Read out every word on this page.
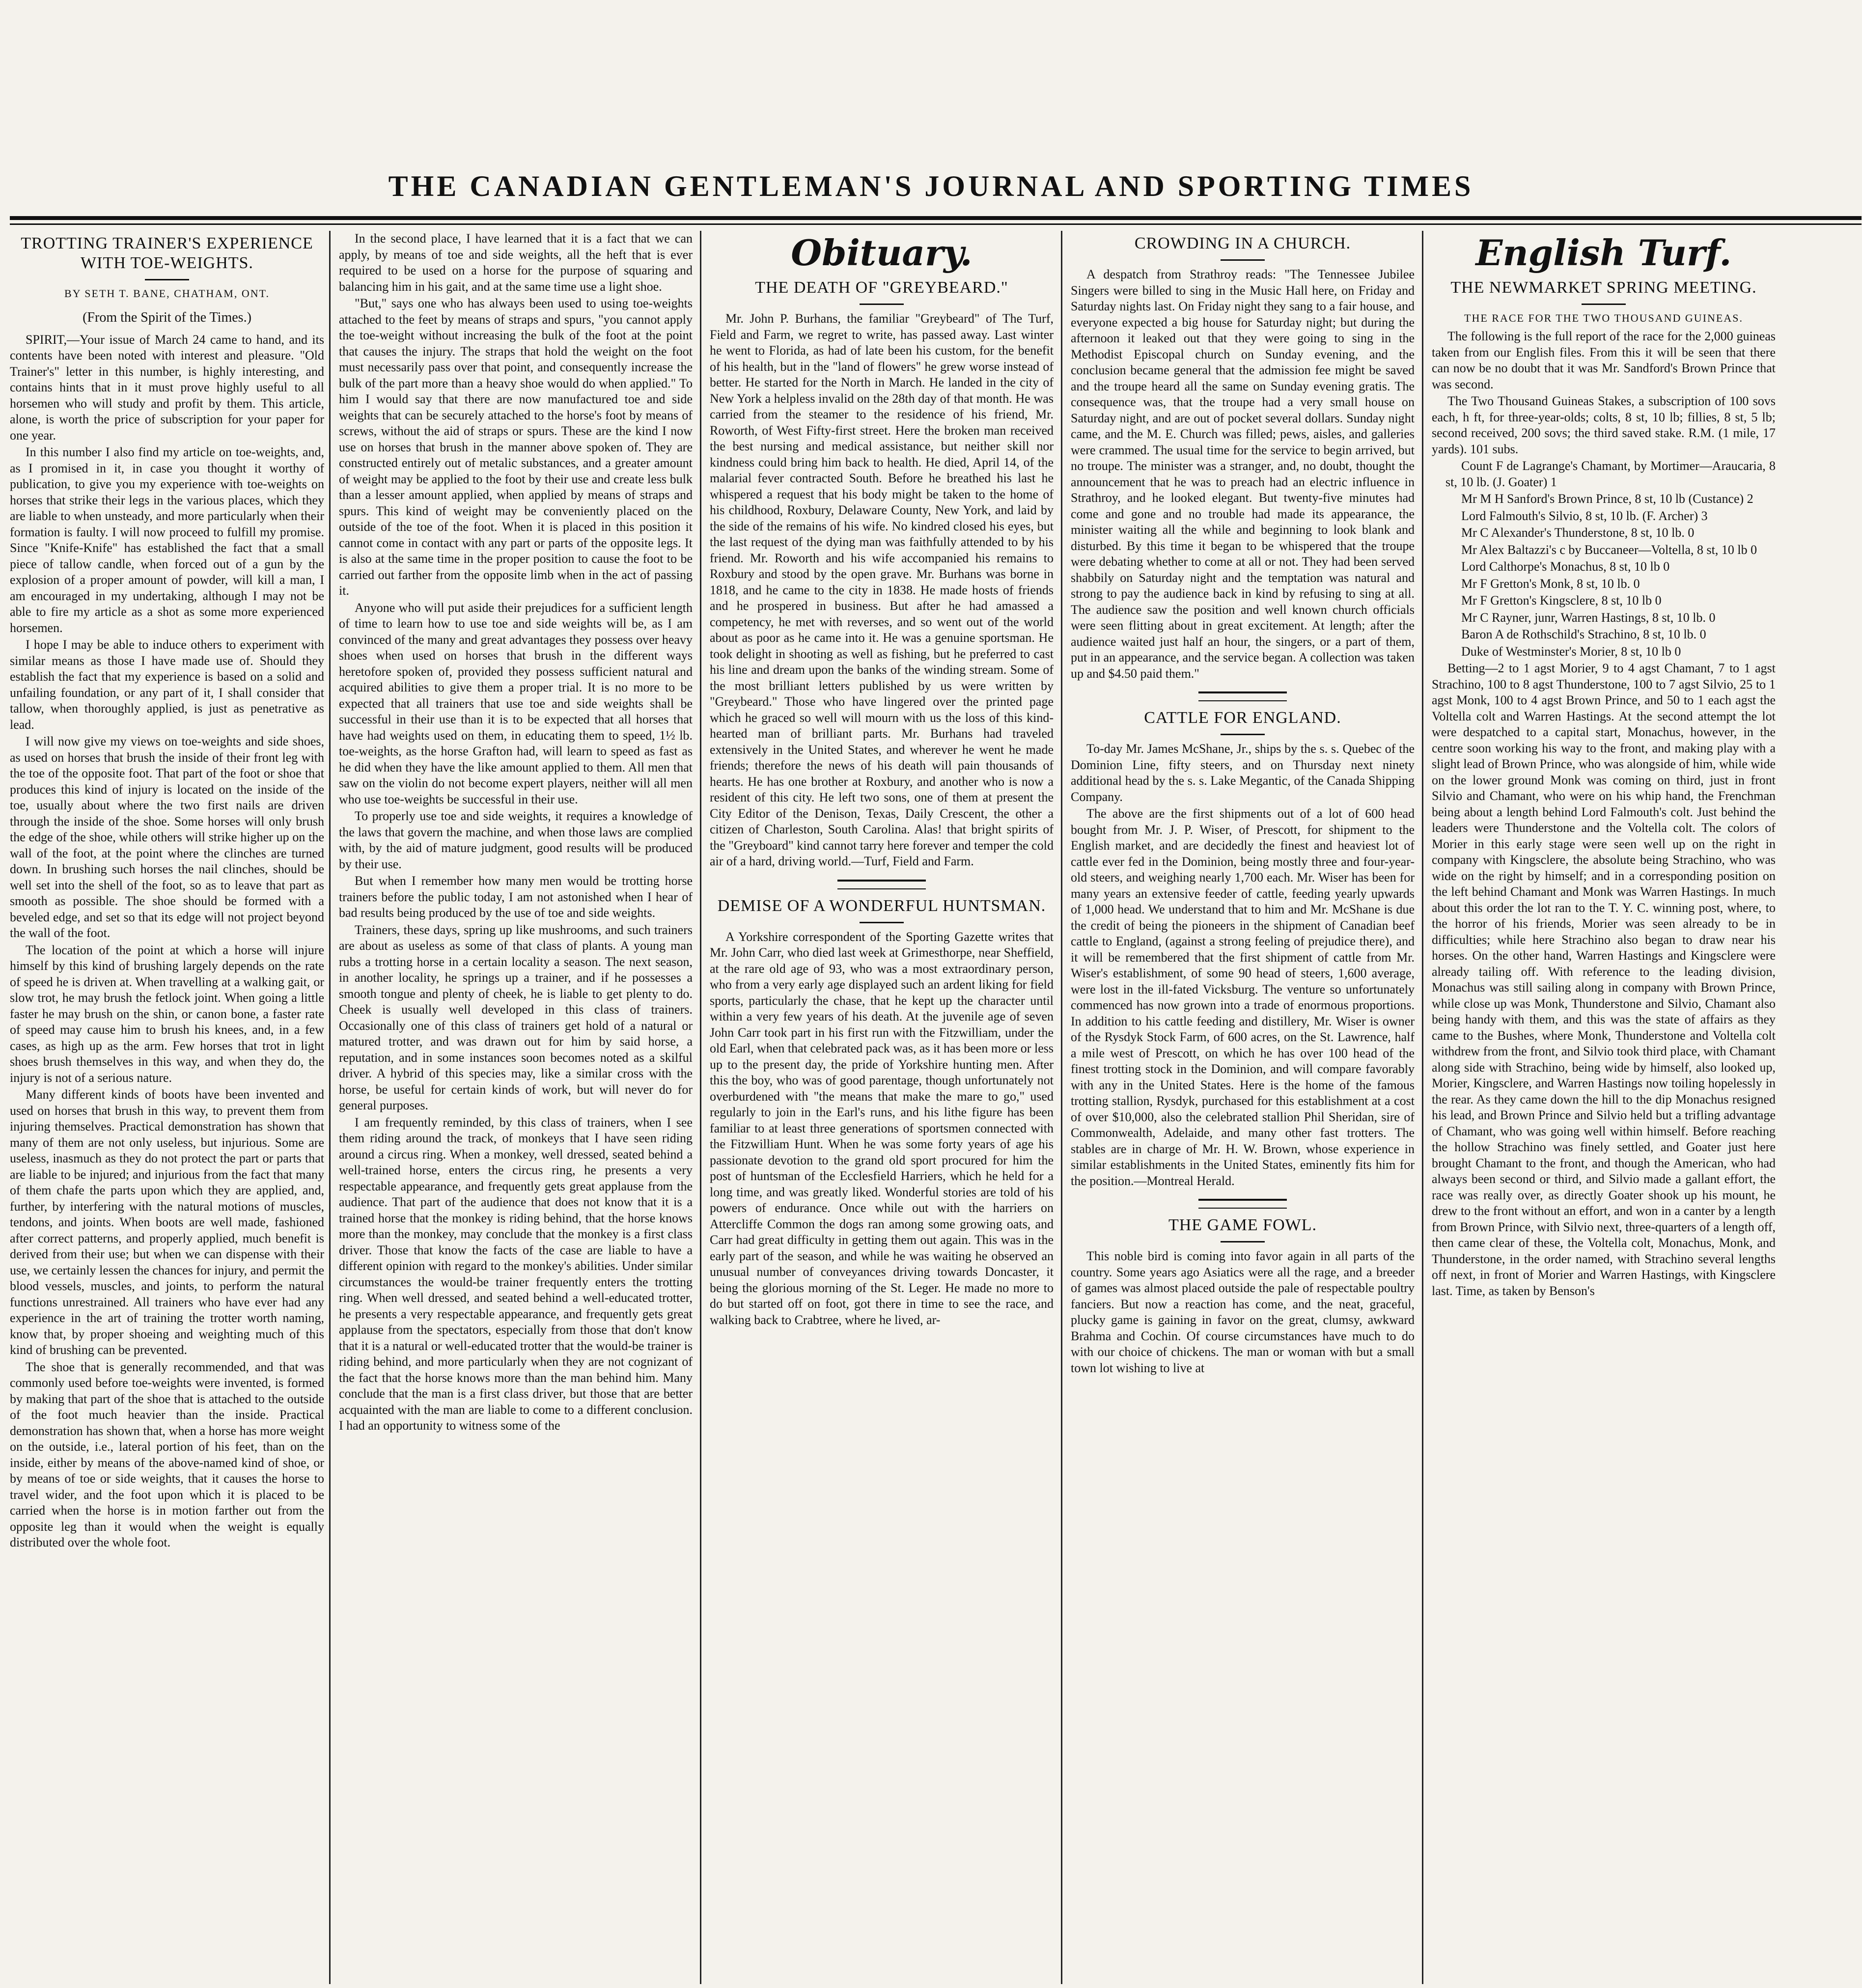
THE CANADIAN GENTLEMAN'S JOURNAL AND SPORTING TIMES
TROTTING TRAINER'S EXPERIENCE WITH TOE-WEIGHTS.
BY SETH T. BANE, CHATHAM, ONT.
(From the Spirit of the Times.)

SPIRIT,—Your issue of March 24 came to hand, and its contents have been noted with interest and pleasure. "Old Trainer's" letter in this number, is highly interesting, and contains hints that in it must prove highly useful to all horsemen who will study and profit by them. This article, alone, is worth the price of subscription for your paper for one year.

In this number I also find my article on toe-weights, and, as I promised in it, in case you thought it worthy of publication, to give you my experience with toe-weights on horses that strike their legs in the various places, which they are liable to when unsteady, and more particularly when their formation is faulty. I will now proceed to fulfill my promise. Since "Knife-Knife" has established the fact that a small piece of tallow candle, when forced out of a gun by the explosion of a proper amount of powder, will kill a man, I am encouraged in my undertaking, although I may not be able to fire my article as a shot as some more experienced horsemen.

I hope I may be able to induce others to experiment with similar means as those I have made use of. Should they establish the fact that my experience is based on a solid and unfailing foundation, or any part of it, I shall consider that tallow, when thoroughly applied, is just as penetrative as lead.

I will now give my views on toe-weights and side shoes, as used on horses that brush the inside of their front leg with the toe of the opposite foot. That part of the foot or shoe that produces this kind of injury is located on the inside of the toe, usually about where the two first nails are driven through the inside of the shoe. Some horses will only brush the edge of the shoe, while others will strike higher up on the wall of the foot, at the point where the clinches are turned down. In brushing such horses the nail clinches, should be well set into the shell of the foot, so as to leave that part as smooth as possible. The shoe should be formed with a beveled edge, and set so that its edge will not project beyond the wall of the foot.

The location of the point at which a horse will injure himself by this kind of brushing largely depends on the rate of speed he is driven at. When travelling at a walking gait, or slow trot, he may brush the fetlock joint. When going a little faster he may brush on the shin, or canon bone, a faster rate of speed may cause him to brush his knees, and, in a few cases, as high up as the arm. Few horses that trot in light shoes brush themselves in this way, and when they do, the injury is not of a serious nature.

Many different kinds of boots have been invented and used on horses that brush in this way, to prevent them from injuring themselves. Practical demonstration has shown that many of them are not only useless, but injurious. Some are useless, inasmuch as they do not protect the part or parts that are liable to be injured; and injurious from the fact that many of them chafe the parts upon which they are applied, and, further, by interfering with the natural motions of muscles, tendons, and joints. When boots are well made, fashioned after correct patterns, and properly applied, much benefit is derived from their use; but when we can dispense with their use, we certainly lessen the chances for injury, and permit the blood vessels, muscles, and joints, to perform the natural functions unrestrained. All trainers who have ever had any experience in the art of training the trotter worth naming, know that, by proper shoeing and weighting much of this kind of brushing can be prevented.

The shoe that is generally recommended, and that was commonly used before toe-weights were invented, is formed by making that part of the shoe that is attached to the outside of the foot much heavier than the inside. Practical demonstration has shown that, when a horse has more weight on the outside, i.e., lateral portion of his feet, than on the inside, either by means of the above-named kind of shoe, or by means of toe or side weights, that it causes the horse to travel wider, and the foot upon which it is placed to be carried when the horse is in motion farther out from the opposite leg than it would when the weight is equally distributed over the whole foot.

In the second place, I have learned that it is a fact that we can apply, by means of toe and side weights, all the heft that is ever required to be used on a horse for the purpose of squaring and balancing him in his gait, and at the same time use a light shoe.

"But," says one who has always been used to using toe-weights attached to the feet by means of straps and spurs, "you cannot apply the toe-weight without increasing the bulk of the foot at the point that causes the injury. The straps that hold the weight on the foot must necessarily pass over that point, and consequently increase the bulk of the part more than a heavy shoe would do when applied." To him I would say that there are now manufactured toe and side weights that can be securely attached to the horse's foot by means of screws, without the aid of straps or spurs. These are the kind I now use on horses that brush in the manner above spoken of. They are constructed entirely out of metalic substances, and a greater amount of weight may be applied to the foot by their use and create less bulk than a lesser amount applied, when applied by means of straps and spurs. This kind of weight may be conveniently placed on the outside of the toe of the foot. When it is placed in this position it cannot come in contact with any part or parts of the opposite legs. It is also at the same time in the proper position to cause the foot to be carried out farther from the opposite limb when in the act of passing it.

Anyone who will put aside their prejudices for a sufficient length of time to learn how to use toe and side weights will be, as I am convinced of the many and great advantages they possess over heavy shoes when used on horses that brush in the different ways heretofore spoken of, provided they possess sufficient natural and acquired abilities to give them a proper trial. It is no more to be expected that all trainers that use toe and side weights shall be successful in their use than it is to be expected that all horses that have had weights used on them, in educating them to speed, 1½ lb. toe-weights, as the horse Grafton had, will learn to speed as fast as he did when they have the like amount applied to them. All men that saw on the violin do not become expert players, neither will all men who use toe-weights be successful in their use.

To properly use toe and side weights, it requires a knowledge of the laws that govern the machine, and when those laws are complied with, by the aid of mature judgment, good results will be produced by their use.

But when I remember how many men would be trotting horse trainers before the public today, I am not astonished when I hear of bad results being produced by the use of toe and side weights.

Trainers, these days, spring up like mushrooms, and such trainers are about as useless as some of that class of plants. A young man rubs a trotting horse in a certain locality a season. The next season, in another locality, he springs up a trainer, and if he possesses a smooth tongue and plenty of cheek, he is liable to get plenty to do. Cheek is usually well developed in this class of trainers. Occasionally one of this class of trainers get hold of a natural or matured trotter, and was drawn out for him by said horse, a reputation, and in some instances soon becomes noted as a skilful driver. A hybrid of this species may, like a similar cross with the horse, be useful for certain kinds of work, but will never do for general purposes.

I am frequently reminded, by this class of trainers, when I see them riding around the track, of monkeys that I have seen riding around a circus ring. When a monkey, well dressed, seated behind a well-trained horse, enters the circus ring, he presents a very respectable appearance, and frequently gets great applause from the audience. That part of the audience that does not know that it is a trained horse that the monkey is riding behind, that the horse knows more than the monkey, may conclude that the monkey is a first class driver. Those that know the facts of the case are liable to have a different opinion with regard to the monkey's abilities. Under similar circumstances the would-be trainer frequently enters the trotting ring. When well dressed, and seated behind a well-educated trotter, he presents a very respectable appearance, and frequently gets great applause from the spectators, especially from those that don't know that it is a natural or well-educated trotter that the would-be trainer is riding behind, and more particularly when they are not cognizant of the fact that the horse knows more than the man behind him. Many conclude that the man is a first class driver, but those that are better acquainted with the man are liable to come to a different conclusion. I had an opportunity to witness some of the

Obituary.
THE DEATH OF "GREYBEARD."

Mr. John P. Burhans, the familiar "Greybeard" of The Turf, Field and Farm, we regret to write, has passed away. Last winter he went to Florida, as had of late been his custom, for the benefit of his health, but in the "land of flowers" he grew worse instead of better. He started for the North in March. He landed in the city of New York a helpless invalid on the 28th day of that month. He was carried from the steamer to the residence of his friend, Mr. Roworth, of West Fifty-first street. Here the broken man received the best nursing and medical assistance, but neither skill nor kindness could bring him back to health. He died, April 14, of the malarial fever contracted South. Before he breathed his last he whispered a request that his body might be taken to the home of his childhood, Roxbury, Delaware County, New York, and laid by the side of the remains of his wife. No kindred closed his eyes, but the last request of the dying man was faithfully attended to by his friend. Mr. Roworth and his wife accompanied his remains to Roxbury and stood by the open grave. Mr. Burhans was borne in 1818, and he came to the city in 1838. He made hosts of friends and he prospered in business. But after he had amassed a competency, he met with reverses, and so went out of the world about as poor as he came into it. He was a genuine sportsman. He took delight in shooting as well as fishing, but he preferred to cast his line and dream upon the banks of the winding stream. Some of the most brilliant letters published by us were written by "Greybeard." Those who have lingered over the printed page which he graced so well will mourn with us the loss of this kind-hearted man of brilliant parts. Mr. Burhans had traveled extensively in the United States, and wherever he went he made friends; therefore the news of his death will pain thousands of hearts. He has one brother at Roxbury, and another who is now a resident of this city. He left two sons, one of them at present the City Editor of the Denison, Texas, Daily Crescent, the other a citizen of Charleston, South Carolina. Alas! that bright spirits of the "Greyboard" kind cannot tarry here forever and temper the cold air of a hard, driving world.—Turf, Field and Farm.

DEMISE OF A WONDERFUL HUNTSMAN.

A Yorkshire correspondent of the Sporting Gazette writes that Mr. John Carr, who died last week at Grimesthorpe, near Sheffield, at the rare old age of 93, who was a most extraordinary person, who from a very early age displayed such an ardent liking for field sports, particularly the chase, that he kept up the character until within a very few years of his death. At the juvenile age of seven John Carr took part in his first run with the Fitzwilliam, under the old Earl, when that celebrated pack was, as it has been more or less up to the present day, the pride of Yorkshire hunting men. After this the boy, who was of good parentage, though unfortunately not overburdened with "the means that make the mare to go," used regularly to join in the Earl's runs, and his lithe figure has been familiar to at least three generations of sportsmen connected with the Fitzwilliam Hunt. When he was some forty years of age his passionate devotion to the grand old sport procured for him the post of huntsman of the Ecclesfield Harriers, which he held for a long time, and was greatly liked. Wonderful stories are told of his powers of endurance. Once while out with the harriers on Attercliffe Common the dogs ran among some growing oats, and Carr had great difficulty in getting them out again. This was in the early part of the season, and while he was waiting he observed an unusual number of conveyances driving towards Doncaster, it being the glorious morning of the St. Leger. He made no more to do but started off on foot, got there in time to see the race, and walking back to Crabtree, where he lived, ar-

CROWDING IN A CHURCH.

A despatch from Strathroy reads: "The Tennessee Jubilee Singers were billed to sing in the Music Hall here, on Friday and Saturday nights last. On Friday night they sang to a fair house, and everyone expected a big house for Saturday night; but during the afternoon it leaked out that they were going to sing in the Methodist Episcopal church on Sunday evening, and the conclusion became general that the admission fee might be saved and the troupe heard all the same on Sunday evening gratis. The consequence was, that the troupe had a very small house on Saturday night, and are out of pocket several dollars. Sunday night came, and the M. E. Church was filled; pews, aisles, and galleries were crammed. The usual time for the service to begin arrived, but no troupe. The minister was a stranger, and, no doubt, thought the announcement that he was to preach had an electric influence in Strathroy, and he looked elegant. But twenty-five minutes had come and gone and no trouble had made its appearance, the minister waiting all the while and beginning to look blank and disturbed. By this time it began to be whispered that the troupe were debating whether to come at all or not. They had been served shabbily on Saturday night and the temptation was natural and strong to pay the audience back in kind by refusing to sing at all. The audience saw the position and well known church officials were seen flitting about in great excitement. At length; after the audience waited just half an hour, the singers, or a part of them, put in an appearance, and the service began. A collection was taken up and $4.50 paid them."

CATTLE FOR ENGLAND.

To-day Mr. James McShane, Jr., ships by the s. s. Quebec of the Dominion Line, fifty steers, and on Thursday next ninety additional head by the s. s. Lake Megantic, of the Canada Shipping Company.

The above are the first shipments out of a lot of 600 head bought from Mr. J. P. Wiser, of Prescott, for shipment to the English market, and are decidedly the finest and heaviest lot of cattle ever fed in the Dominion, being mostly three and four-year-old steers, and weighing nearly 1,700 each. Mr. Wiser has been for many years an extensive feeder of cattle, feeding yearly upwards of 1,000 head. We understand that to him and Mr. McShane is due the credit of being the pioneers in the shipment of Canadian beef cattle to England, (against a strong feeling of prejudice there), and it will be remembered that the first shipment of cattle from Mr. Wiser's establishment, of some 90 head of steers, 1,600 average, were lost in the ill-fated Vicksburg. The venture so unfortunately commenced has now grown into a trade of enormous proportions. In addition to his cattle feeding and distillery, Mr. Wiser is owner of the Rysdyk Stock Farm, of 600 acres, on the St. Lawrence, half a mile west of Prescott, on which he has over 100 head of the finest trotting stock in the Dominion, and will compare favorably with any in the United States. Here is the home of the famous trotting stallion, Rysdyk, purchased for this establishment at a cost of over $10,000, also the celebrated stallion Phil Sheridan, sire of Commonwealth, Adelaide, and many other fast trotters. The stables are in charge of Mr. H. W. Brown, whose experience in similar establishments in the United States, eminently fits him for the position.—Montreal Herald.

THE GAME FOWL.

This noble bird is coming into favor again in all parts of the country. Some years ago Asiatics were all the rage, and a breeder of games was almost placed outside the pale of respectable poultry fanciers. But now a reaction has come, and the neat, graceful, plucky game is gaining in favor on the great, clumsy, awkward Brahma and Cochin. Of course circumstances have much to do with our choice of chickens. The man or woman with but a small town lot wishing to live at

English Turf.
THE NEWMARKET SPRING MEETING.
THE RACE FOR THE TWO THOUSAND GUINEAS.

The following is the full report of the race for the 2,000 guineas taken from our English files. From this it will be seen that there can now be no doubt that it was Mr. Sandford's Brown Prince that was second.

The Two Thousand Guineas Stakes, a subscription of 100 sovs each, h ft, for three-year-olds; colts, 8 st, 10 lb; fillies, 8 st, 5 lb; second received, 200 sovs; the third saved stake. R.M. (1 mile, 17 yards). 101 subs.

Count F de Lagrange's Chamant, by Mortimer—Araucaria, 8 st, 10 lb. (J. Goater) 1

Mr M H Sanford's Brown Prince, 8 st, 10 lb (Custance) 2

Lord Falmouth's Silvio, 8 st, 10 lb. (F. Archer) 3

Mr C Alexander's Thunderstone, 8 st, 10 lb. 0

Mr Alex Baltazzi's c by Buccaneer—Voltella, 8 st, 10 lb 0

Lord Calthorpe's Monachus, 8 st, 10 lb 0

Mr F Gretton's Monk, 8 st, 10 lb. 0

Mr F Gretton's Kingsclere, 8 st, 10 lb 0

Mr C Rayner, junr, Warren Hastings, 8 st, 10 lb. 0

Baron A de Rothschild's Strachino, 8 st, 10 lb. 0

Duke of Westminster's Morier, 8 st, 10 lb 0

Betting—2 to 1 agst Morier, 9 to 4 agst Chamant, 7 to 1 agst Strachino, 100 to 8 agst Thunderstone, 100 to 7 agst Silvio, 25 to 1 agst Monk, 100 to 4 agst Brown Prince, and 50 to 1 each agst the Voltella colt and Warren Hastings. At the second attempt the lot were despatched to a capital start, Monachus, however, in the centre soon working his way to the front, and making play with a slight lead of Brown Prince, who was alongside of him, while wide on the lower ground Monk was coming on third, just in front Silvio and Chamant, who were on his whip hand, the Frenchman being about a length behind Lord Falmouth's colt. Just behind the leaders were Thunderstone and the Voltella colt. The colors of Morier in this early stage were seen well up on the right in company with Kingsclere, the absolute being Strachino, who was wide on the right by himself; and in a corresponding position on the left behind Chamant and Monk was Warren Hastings. In much about this order the lot ran to the T. Y. C. winning post, where, to the horror of his friends, Morier was seen already to be in difficulties; while here Strachino also began to draw near his horses. On the other hand, Warren Hastings and Kingsclere were already tailing off. With reference to the leading division, Monachus was still sailing along in company with Brown Prince, while close up was Monk, Thunderstone and Silvio, Chamant also being handy with them, and this was the state of affairs as they came to the Bushes, where Monk, Thunderstone and Voltella colt withdrew from the front, and Silvio took third place, with Chamant along side with Strachino, being wide by himself, also looked up, Morier, Kingsclere, and Warren Hastings now toiling hopelessly in the rear. As they came down the hill to the dip Monachus resigned his lead, and Brown Prince and Silvio held but a trifling advantage of Chamant, who was going well within himself. Before reaching the hollow Strachino was finely settled, and Goater just here brought Chamant to the front, and though the American, who had always been second or third, and Silvio made a gallant effort, the race was really over, as directly Goater shook up his mount, he drew to the front without an effort, and won in a canter by a length from Brown Prince, with Silvio next, three-quarters of a length off, then came clear of these, the Voltella colt, Monachus, Monk, and Thunderstone, in the order named, with Strachino several lengths off next, in front of Morier and Warren Hastings, with Kingsclere last. Time, as taken by Benson's
